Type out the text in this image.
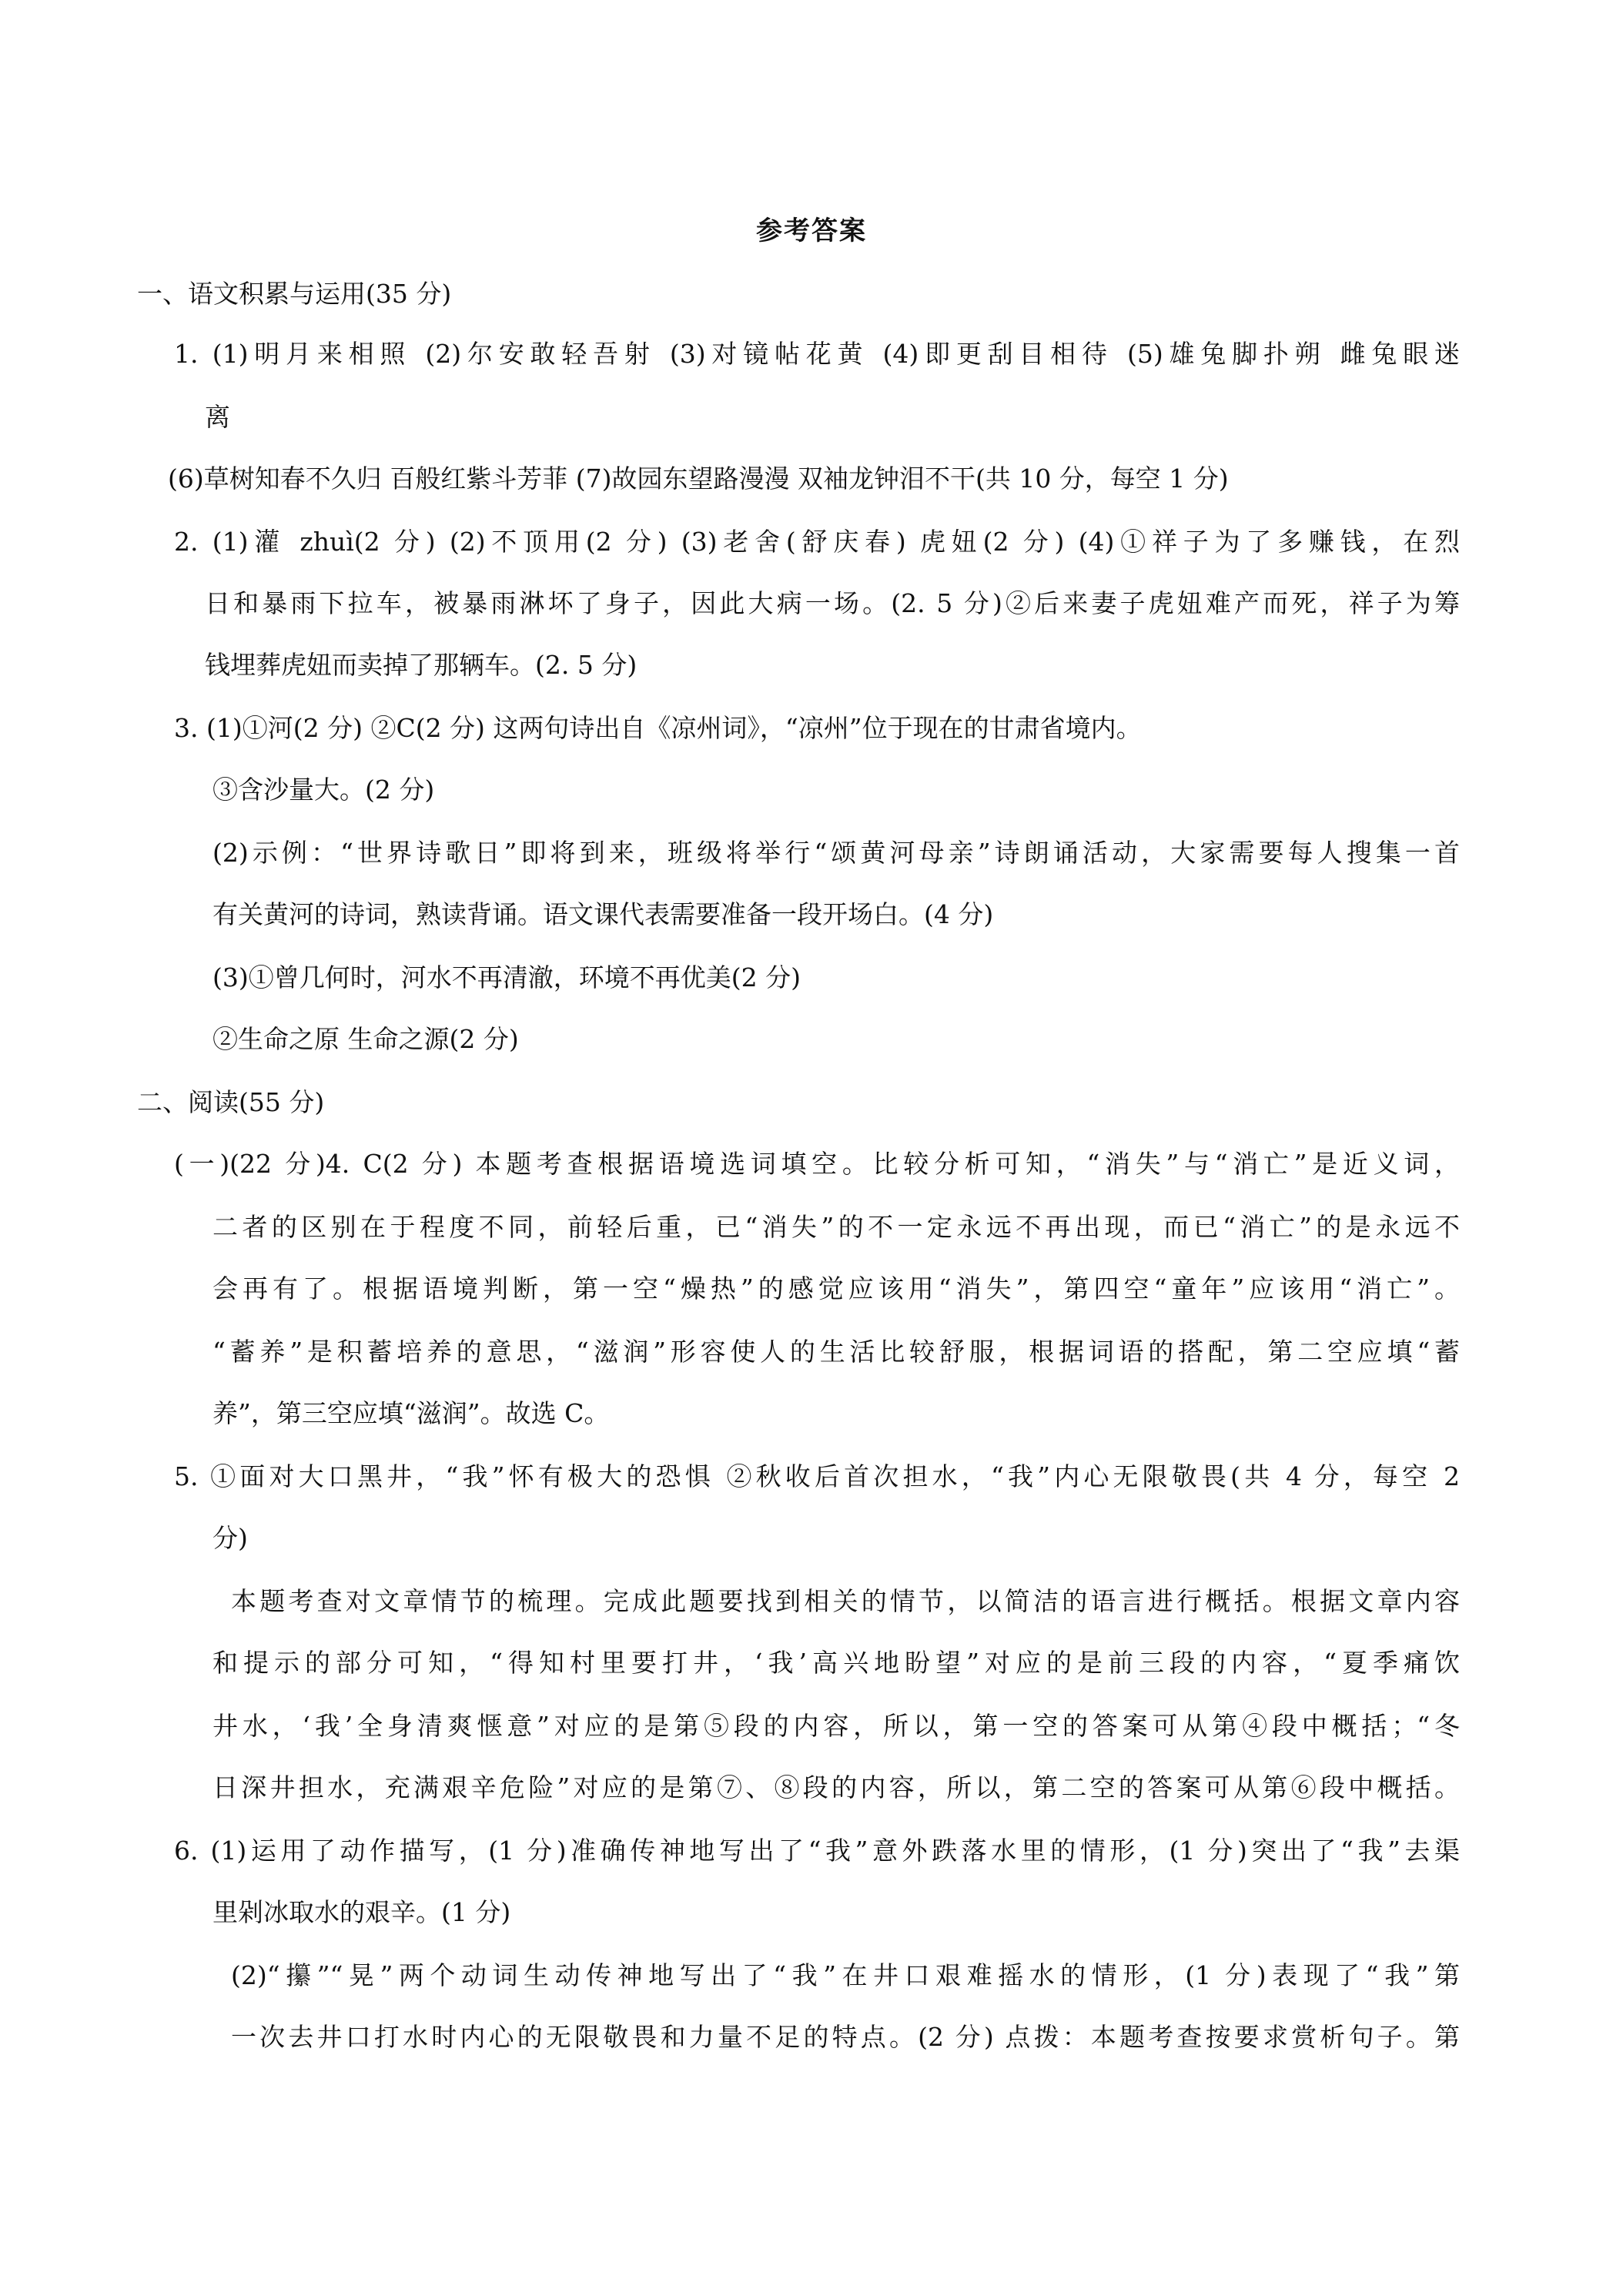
参考答案
一、语文积累与运用(35 分)
1. (1)明月来相照 (2)尔安敢轻吾射 (3)对镜帖花黄 (4)即更刮目相待 (5)雄兔脚扑朔 雌兔眼迷
离
(6)草树知春不久归 百般红紫斗芳菲 (7)故园东望路漫漫 双袖龙钟泪不干(共 10 分，每空 1 分)
2. (1)灌 zhuì(2 分) (2)不顶用(2 分) (3)老舍(舒庆春) 虎妞(2 分) (4)①祥子为了多赚钱，在烈
日和暴雨下拉车，被暴雨淋坏了身子，因此大病一场。(2. 5 分)②后来妻子虎妞难产而死，祥子为筹
钱埋葬虎妞而卖掉了那辆车。(2. 5 分)
3. (1)①河(2 分) ②C(2 分) 这两句诗出自《凉州词》，“凉州”位于现在的甘肃省境内。
③含沙量大。(2 分)
(2)示例：“世界诗歌日”即将到来，班级将举行“颂黄河母亲”诗朗诵活动，大家需要每人搜集一首
有关黄河的诗词，熟读背诵。语文课代表需要准备一段开场白。(4 分)
(3)①曾几何时，河水不再清澈，环境不再优美(2 分)
②生命之原 生命之源(2 分)
二、阅读(55 分)
(一)(22 分)4. C(2 分) 本题考查根据语境选词填空。比较分析可知，“消失”与“消亡”是近义词，
二者的区别在于程度不同，前轻后重，已“消失”的不一定永远不再出现，而已“消亡”的是永远不
会再有了。根据语境判断，第一空“燥热”的感觉应该用“消失”，第四空“童年”应该用“消亡”。
“蓄养”是积蓄培养的意思，“滋润”形容使人的生活比较舒服，根据词语的搭配，第二空应填“蓄
养”，第三空应填“滋润”。故选 C。
5. ①面对大口黑井，“我”怀有极大的恐惧 ②秋收后首次担水，“我”内心无限敬畏(共 4 分，每空 2
分)
本题考查对文章情节的梳理。完成此题要找到相关的情节，以简洁的语言进行概括。根据文章内容
和提示的部分可知，“得知村里要打井，‘我’高兴地盼望”对应的是前三段的内容，“夏季痛饮
井水，‘我’全身清爽惬意”对应的是第⑤段的内容，所以，第一空的答案可从第④段中概括；“冬
日深井担水，充满艰辛危险”对应的是第⑦、⑧段的内容，所以，第二空的答案可从第⑥段中概括。
6. (1)运用了动作描写，(1 分)准确传神地写出了“我”意外跌落水里的情形，(1 分)突出了“我”去渠
里剁冰取水的艰辛。(1 分)
(2)“攥”“晃”两个动词生动传神地写出了“我”在井口艰难摇水的情形，(1 分)表现了“我”第
一次去井口打水时内心的无限敬畏和力量不足的特点。(2 分) 点拨：本题考查按要求赏析句子。第
